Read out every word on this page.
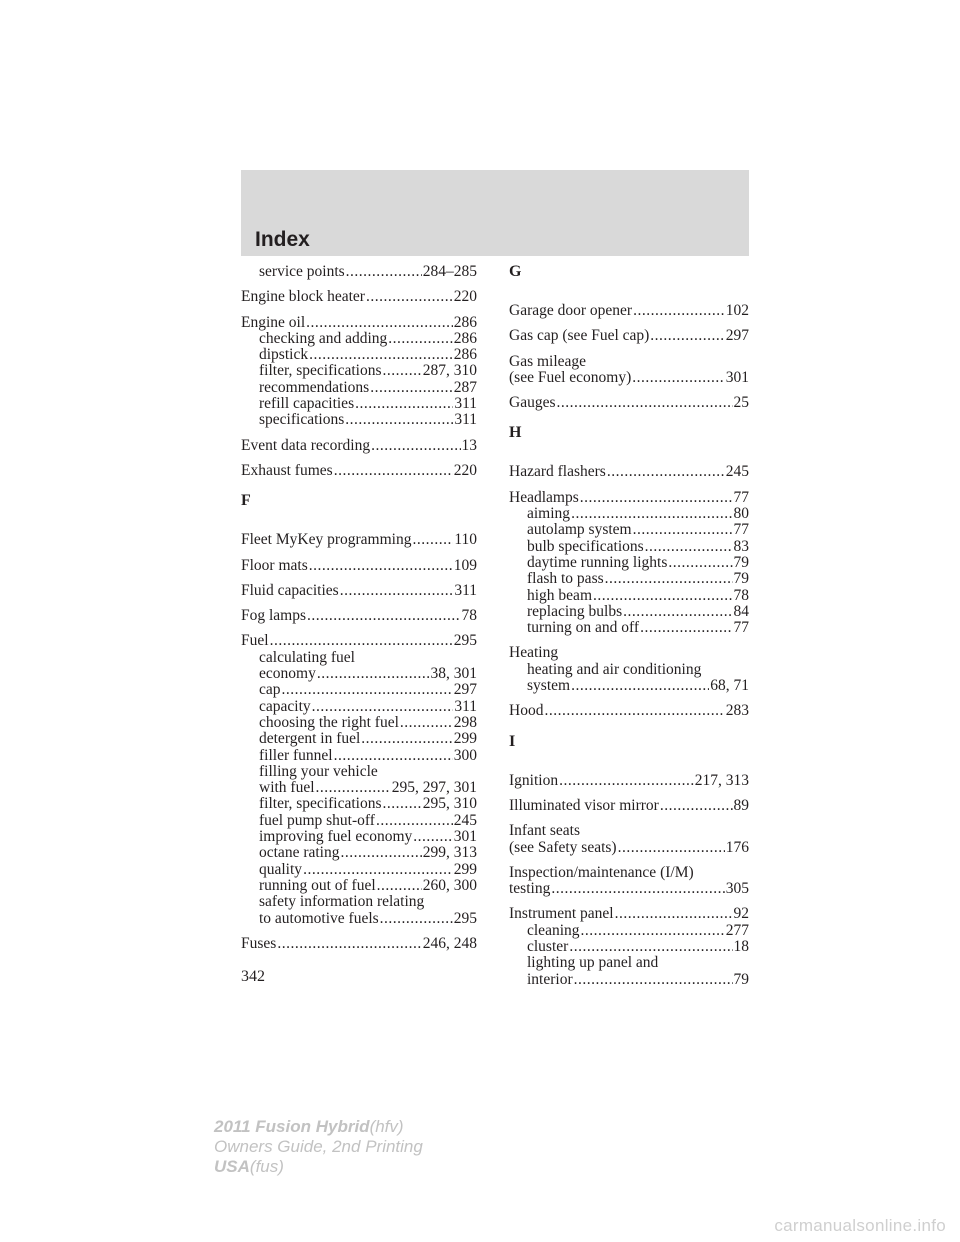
Index
service points .....	284–285
Engine block heater .....	220
Engine oil .....	286
checking and adding .....	286
dipstick .....	286
filter, specifications .....	287, 310
recommendations .....	287
refill capacities .....	311
specifications .....	311
Event data recording .....	13
Exhaust fumes .....	220
F
Fleet MyKey programming .....	110
Floor mats .....	109
Fluid capacities .....	311
Fog lamps .....	78
Fuel .....	295
calculating fuel
economy .....	38, 301
cap .....	297
capacity .....	311
choosing the right fuel .....	298
detergent in fuel .....	299
filler funnel .....	300
filling your vehicle
with fuel .....	295, 297, 301
filter, specifications .....	295, 310
fuel pump shut-off .....	245
improving fuel economy .....	301
octane rating .....	299, 313
quality .....	299
running out of fuel .....	260, 300
safety information relating
to automotive fuels .....	295
Fuses .....	246, 248
G
Garage door opener .....	102
Gas cap (see Fuel cap) .....	297
Gas mileage
(see Fuel economy) .....	301
Gauges .....	25
H
Hazard flashers .....	245
Headlamps .....	77
aiming .....	80
autolamp system .....	77
bulb specifications .....	83
daytime running lights .....	79
flash to pass .....	79
high beam .....	78
replacing bulbs .....	84
turning on and off .....	77
Heating
heating and air conditioning
system .....	68, 71
Hood .....	283
I
Ignition .....	217, 313
Illuminated visor mirror .....	89
Infant seats
(see Safety seats) .....	176
Inspection/maintenance (I/M)
testing .....	305
Instrument panel .....	92
cleaning .....	277
cluster .....	18
lighting up panel and
interior .....	79
342
2011 Fusion Hybrid(hfv)
Owners Guide, 2nd Printing
USA(fus)
carmanualsonline.info
